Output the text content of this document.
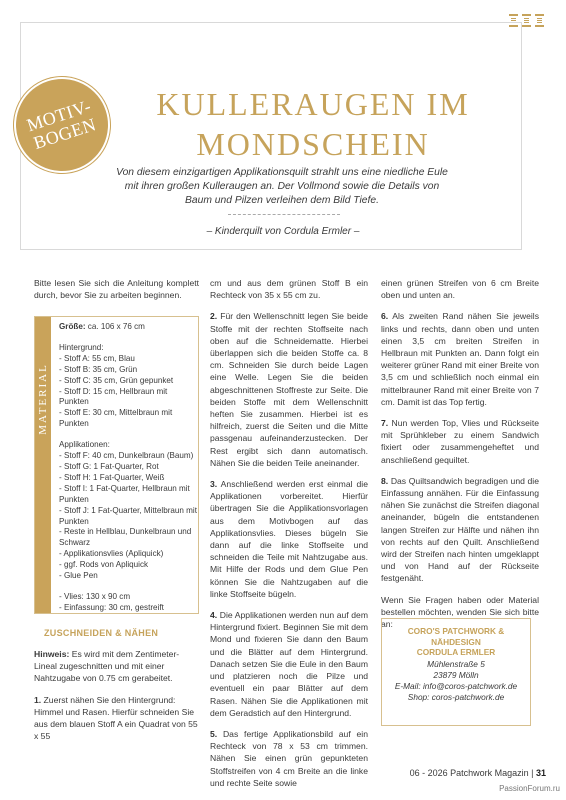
MOTIV-
BOGEN
KULLERAUGEN IM
MONDSCHEIN
Von diesem einzigartigen Applikationsquilt strahlt uns eine niedliche Eule mit ihren großen Kulleraugen an. Der Vollmond sowie die Details von Baum und Pilzen verleihen dem Bild Tiefe.
– Kinderquilt von Cordula Ermler –

Bitte lesen Sie sich die Anleitung komplett durch, bevor Sie zu arbeiten beginnen.

MATERIAL
Größe: ca. 106 x 76 cm
Hintergrund:
- Stoff A: 55 cm, Blau
- Stoff B: 35 cm, Grün
- Stoff C: 35 cm, Grün gepunket
- Stoff D: 15 cm, Hellbraun mit Punkten
- Stoff E: 30 cm, Mittelbraun mit Punkten
Applikationen:
- Stoff F: 40 cm, Dunkelbraun (Baum)
- Stoff G: 1 Fat-Quarter, Rot
- Stoff H: 1 Fat-Quarter, Weiß
- Stoff I: 1 Fat-Quarter, Hellbraun mit
Punkten
- Stoff J: 1 Fat-Quarter, Mittelbraun mit
Punkten
- Reste in Hellblau, Dunkelbraun und
Schwarz
- Applikationsvlies (Apliquick)
- ggf. Rods von Apliquick
- Glue Pen
- Vlies: 130 x 90 cm
- Einfassung: 30 cm, gestreift
ZUSCHNEIDEN & NÄHEN

Hinweis: Es wird mit dem Zentimeter-Lineal zugeschnitten und mit einer Nahtzugabe von 0.75 cm gerabeitet.

1. Zuerst nähen Sie den Hintergrund: Himmel und Rasen. Hierfür schneiden Sie aus dem blauen Stoff A ein Quadrat von 55 x 55

cm und aus dem grünen Stoff B ein Rechteck von 35 x 55 cm zu.

2. Für den Wellenschnitt legen Sie beide Stoffe mit der rechten Stoffseite nach oben auf die Schneidematte. Hierbei überlappen sich die beiden Stoffe ca. 8 cm. Schneiden Sie durch beide Lagen eine Welle. Legen Sie die beiden abgeschnittenen Stoffreste zur Seite. Die beiden Stoffe mit dem Wellenschnitt heften Sie zusammen. Hierbei ist es hilfreich, zuerst die Seiten und die Mitte passgenau aufeinanderzustecken. Der Rest ergibt sich dann automatisch. Nähen Sie die beiden Teile aneinander.

3. Anschließend werden erst einmal die Applikationen vorbereitet. Hierfür übertragen Sie die Applikationsvorlagen aus dem Motivbogen auf das Applikationsvlies. Dieses bügeln Sie dann auf die linke Stoffseite und schneiden die Teile mit Nahtzugabe aus. Mit Hilfe der Rods und dem Glue Pen können Sie die Nahtzugaben auf die linke Stoffseite bügeln.

4. Die Applikationen werden nun auf dem Hintergrund fixiert. Beginnen Sie mit dem Mond und fixieren Sie dann den Baum und die Blätter auf dem Hintergrund. Danach setzen Sie die Eule in den Baum und platzieren noch die Pilze und eventuell ein paar Blätter auf dem Rasen. Nähen Sie die Applikationen mit dem Geradstich auf den Hintergrund.

5. Das fertige Applikationsbild auf ein Rechteck von 78 x 53 cm trimmen. Nähen Sie einen grün gepunkteten Stoffstreifen von 4 cm Breite an die linke und rechte Seite sowie

einen grünen Streifen von 6 cm Breite oben und unten an.

6. Als zweiten Rand nähen Sie jeweils links und rechts, dann oben und unten einen 3,5 cm breiten Streifen in Hellbraun mit Punkten an. Dann folgt ein weiterer grüner Rand mit einer Breite von 3,5 cm und schließlich noch einmal ein mittelbrauner Rand mit einer Breite von 7 cm. Damit ist das Top fertig.

7. Nun werden Top, Vlies und Rückseite mit Sprühkleber zu einem Sandwich fixiert oder zusammengeheftet und anschließend gequiltet.

8. Das Quiltsandwich begradigen und die Einfassung annähen. Für die Einfassung nähen Sie zunächst die Streifen diagonal aneinander, bügeln die entstandenen langen Streifen zur Hälfte und nähen ihn von rechts auf den Quilt. Anschließend wird der Streifen nach hinten umgeklappt und von Hand auf der Rückseite festgenäht.

Wenn Sie Fragen haben oder Material bestellen möchten, wenden Sie sich bitte an:

CORO'S PATCHWORK &
NÄHDESIGN
CORDULA ERMLER
Mühlenstraße 5
23879 Mölln
E-Mail: info@coros-patchwork.de
Shop: coros-patchwork.de
06 - 2026 Patchwork Magazin | 31
PassionForum.ru
